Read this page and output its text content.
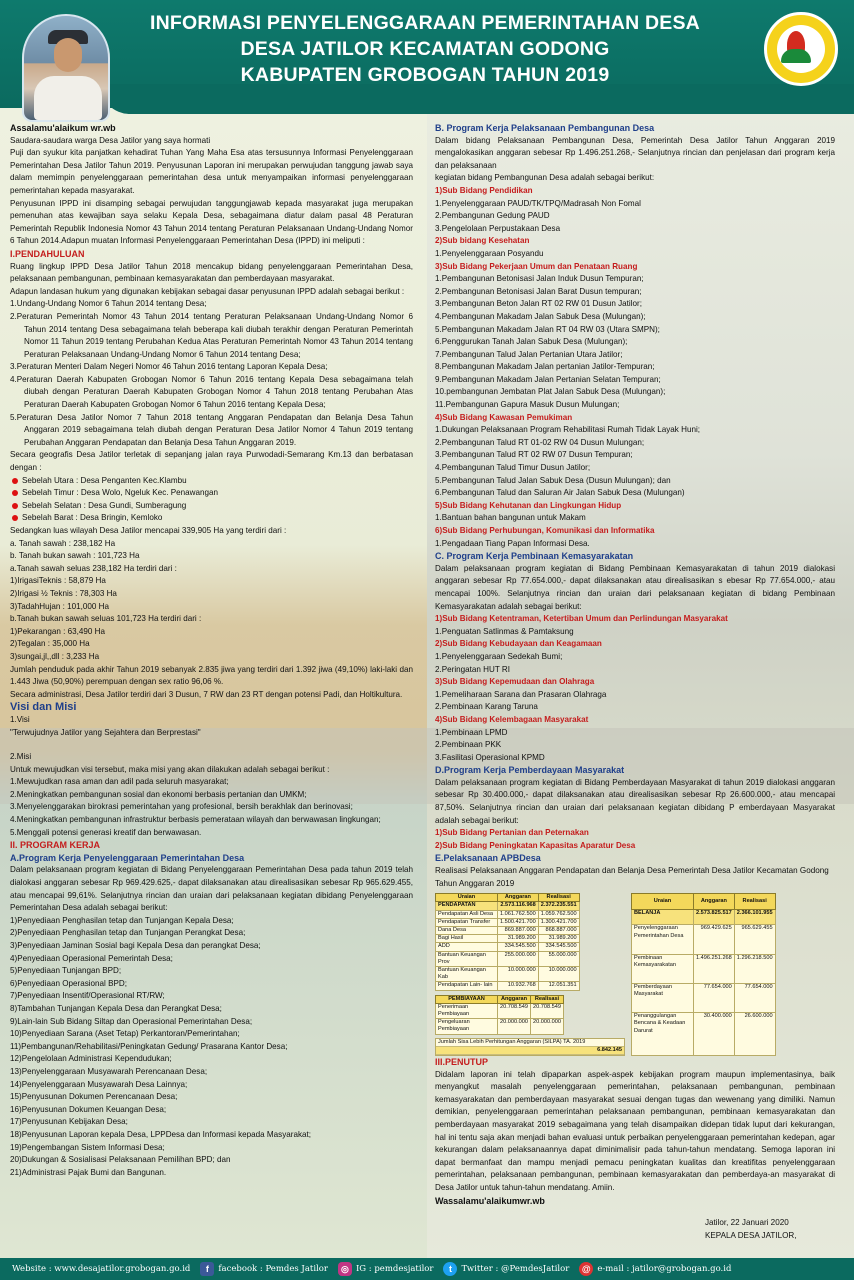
INFORMASI PENYELENGGARAAN PEMERINTAHAN DESA
DESA JATILOR KECAMATAN GODONG
KABUPATEN GROBOGAN TAHUN 2019

Assalamu'alaikum wr.wb

Saudara-saudara warga Desa Jatilor yang saya hormati

Puji dan syukur kita panjatkan kehadirat Tuhan Yang Maha Esa atas tersusunnya Informasi Penyelenggaraan Pemerintahan Desa Jatilor Tahun 2019. Penyusunan Laporan ini merupakan perwujudan tanggung jawab saya dalam memimpin penyelenggaraan pemerintahan desa untuk menyampaikan informasi penyelenggaraan pemerintahan kepada masyarakat.

Penyusunan IPPD ini disamping sebagai perwujudan tanggungjawab kepada masyarakat juga merupakan pemenuhan atas kewajiban saya selaku Kepala Desa, sebagaimana diatur dalam pasal 48 Peraturan Pemerintah Republik Indonesia Nomor 43 Tahun 2014 tentang Peraturan Pelaksanaan Undang-Undang Nomor 6 Tahun 2014.Adapun muatan Informasi Penyelenggaraan Pemerintahan Desa (IPPD) ini meliputi :

I.PENDAHULUAN

Ruang lingkup IPPD Desa Jatilor Tahun 2018 mencakup bidang penyelenggaraan Pemerintahan Desa, pelaksanaan pembangunan, pembinaan kemasyarakatan dan pemberdayaan masyarakat.

Adapun landasan hukum yang digunakan kebijakan sebagai dasar penyusunan IPPD adalah sebagai berikut :

1.Undang-Undang Nomor 6 Tahun 2014 tentang Desa;

2.Peraturan Pemerintah Nomor 43 Tahun 2014 tentang Peraturan Pelaksanaan Undang-Undang Nomor 6 Tahun 2014 tentang Desa sebagaimana telah beberapa kali diubah terakhir dengan Peraturan Pemerintah Nomor 11 Tahun 2019 tentang Perubahan Kedua Atas Peraturan Pemerintah Nomor 43 Tahun 2014 tentang Peraturan Pelaksanaan Undang-Undang Nomor 6 Tahun 2014 tentang Desa;

3.Peraturan Menteri Dalam Negeri Nomor 46 Tahun 2016 tentang Laporan Kepala Desa;

4.Peraturan Daerah Kabupaten Grobogan Nomor 6 Tahun 2016 tentang Kepala Desa sebagaimana telah diubah dengan Peraturan Daerah Kabupaten Grobogan Nomor 4 Tahun 2018 tentang Perubahan Atas Peraturan Daerah Kabupaten Grobogan Nomor 6 Tahun 2016 tentang Kepala Desa;

5.Peraturan Desa Jatilor Nomor 7 Tahun 2018 tentang Anggaran Pendapatan dan Belanja Desa Tahun Anggaran 2019 sebagaimana telah diubah dengan Peraturan Desa Jatilor Nomor 4 Tahun 2019 tentang Perubahan Anggaran Pendapatan dan Belanja Desa Tahun Anggaran 2019.

Secara geografis Desa Jatilor terletak di sepanjang jalan raya Purwodadi-Semarang Km.13 dan berbatasan dengan :

Sebelah Utara : Desa Penganten Kec.Klambu

Sebelah Timur : Desa Wolo, Ngeluk Kec. Penawangan

Sebelah Selatan : Desa Gundi, Sumberagung

Sebelah Barat : Desa Bringin, Kemloko

Sedangkan luas wilayah Desa Jatilor mencapai 339,905 Ha yang terdiri dari :

a. Tanah sawah : 238,182 Ha

b. Tanah bukan sawah : 101,723 Ha

a.Tanah sawah seluas 238,182 Ha terdiri dari :

1)IrigasiTeknis : 58,879 Ha

2)Irigasi ½ Teknis : 78,303 Ha

3)TadahHujan : 101,000 Ha

b.Tanah bukan sawah seluas 101,723 Ha terdiri dari :

1)Pekarangan : 63,490 Ha

2)Tegalan : 35,000 Ha

3)sungai,jl,,dll : 3,233 Ha

Jumlah penduduk pada akhir Tahun 2019 sebanyak 2.835 jiwa yang terdiri dari 1.392 jiwa (49,10%) laki-laki dan 1.443 Jiwa (50,90%) perempuan dengan sex ratio 96,06 %.

Secara administrasi, Desa Jatilor terdiri dari 3 Dusun, 7 RW dan 23 RT dengan potensi Padi, dan Holtikultura.

Visi dan Misi

1.Visi

"Terwujudnya Jatilor yang Sejahtera dan Berprestasi"

2.Misi

Untuk mewujudkan visi tersebut, maka misi yang akan dilakukan adalah sebagai berikut :

1.Mewujudkan rasa aman dan adil pada seluruh masyarakat;

2.Meningkatkan pembangunan sosial dan ekonomi berbasis pertanian dan UMKM;

3.Menyelenggarakan birokrasi pemerintahan yang profesional, bersih berakhlak dan berinovasi;

4.Meningkatkan pembangunan infrastruktur berbasis pemerataan wilayah dan berwawasan lingkungan;

5.Menggali potensi generasi kreatif dan berwawasan.

II. PROGRAM KERJA

A.Program Kerja Penyelenggaraan Pemerintahan Desa

Dalam pelaksanaan program kegiatan di Bidang Penyelenggaraan Pemerintahan Desa pada tahun 2019 telah dialokasi anggaran sebesar Rp 969.429.625,- dapat dilaksanakan atau direalisasikan sebesar Rp 965.629.455, atau mencapai 99,61%. Selanjutnya rincian dan uraian dari pelaksanaan kegiatan dibidang Penyelenggaraan Pemerintahan Desa adalah sebagai berikut:

1)Penyediaan Penghasilan tetap dan Tunjangan Kepala Desa;

2)Penyediaan Penghasilan tetap dan Tunjangan Perangkat Desa;

3)Penyediaan Jaminan Sosial bagi Kepala Desa dan perangkat Desa;

4)Penyediaan Operasional Pemerintah Desa;

5)Penyediaan Tunjangan BPD;

6)Penyediaan Operasional BPD;

7)Penyediaan Insentif/Operasional RT/RW;

8)Tambahan Tunjangan Kepala Desa dan Perangkat Desa;

9)Lain-lain Sub Bidang Siltap dan Operasional Pemerintahan Desa;

10)Penyediaan Sarana (Aset Tetap) Perkantoran/Pemerintahan;

11)Pembangunan/Rehabilitasi/Peningkatan Gedung/ Prasarana Kantor Desa;

12)Pengelolaan Administrasi Kependudukan;

13)Penyelenggaraan Musyawarah Perencanaan Desa;

14)Penyelenggaraan Musyawarah Desa Lainnya;

15)Penyusunan Dokumen Perencanaan Desa;

16)Penyusunan Dokumen Keuangan Desa;

17)Penyusunan Kebijakan Desa;

18)Penyusunan Laporan kepala Desa, LPPDesa dan Informasi kepada Masyarakat;

19)Pengembangan Sistem Informasi Desa;

20)Dukungan & Sosialisasi Pelaksanaan Pemilihan BPD; dan

21)Administrasi Pajak Bumi dan Bangunan.

B. Program Kerja Pelaksanaan Pembangunan Desa

Dalam bidang Pelaksanaan Pembangunan Desa, Pemerintah Desa Jatilor Tahun Anggaran 2019 mengalokasikan anggaran sebesar Rp 1.496.251.268,- Selanjutnya rincian dan penjelasan dari program kerja dan pelaksanaan

kegiatan bidang Pembangunan Desa adalah sebagai berikut:

1)Sub Bidang Pendidikan

1.Penyelenggaraan PAUD/TK/TPQ/Madrasah Non Fomal

2.Pembangunan Gedung PAUD

3.Pengelolaan Perpustakaan Desa

2)Sub bidang Kesehatan

1.Penyelenggaraan Posyandu

3)Sub Bidang Pekerjaan Umum dan Penataan Ruang

1.Pembangunan Betonisasi Jalan Induk Dusun Tempuran;

2.Pembangunan Betonisasi Jalan Barat Dusun tempuran;

3.Pembangunan Beton Jalan RT 02 RW 01 Dusun Jatilor;

4.Pembangunan Makadam Jalan Sabuk Desa (Mulungan);

5.Pembangunan Makadam Jalan RT 04 RW 03 (Utara SMPN);

6.Penggurukan Tanah Jalan Sabuk Desa (Mulungan);

7.Pembangunan Talud Jalan Pertanian Utara Jatilor;

8.Pembangunan Makadam Jalan pertanian Jatilor-Tempuran;

9.Pembangunan Makadam Jalan Pertanian Selatan Tempuran;

10.pembangunan Jembatan Plat Jalan Sabuk Desa (Mulungan);

11.Pembangunan Gapura Masuk Dusun Mulungan;

4)Sub Bidang Kawasan Pemukiman

1.Dukungan Pelaksanaan Program Rehabilitasi Rumah Tidak Layak Huni;

2.Pembangunan Talud RT 01-02 RW 04 Dusun Mulungan;

3.Pembangunan Talud RT 02 RW 07 Dusun Tempuran;

4.Pembangunan Talud Timur Dusun Jatilor;

5.Pembangunan Talud Jalan Sabuk Desa (Dusun Mulungan); dan

6.Pembangunan Talud dan Saluran Air Jalan Sabuk Desa (Mulungan)

5)Sub Bidang Kehutanan dan Lingkungan Hidup

1.Bantuan bahan bangunan untuk Makam

6)Sub Bidang Perhubungan, Komunikasi dan Informatika

1.Pengadaan Tiang Papan Informasi Desa.

C. Program Kerja Pembinaan Kemasyarakatan

Dalam pelaksanaan program kegiatan di Bidang Pembinaan Kemasyarakatan di tahun 2019 dialokasi anggaran sebesar Rp 77.654.000,- dapat dilaksanakan atau direalisasikan s ebesar Rp 77.654.000,- atau mencapai 100%. Selanjutnya rincian dan uraian dari pelaksanaan kegiatan di bidang Pembinaan Kemasyarakatan adalah sebagai berikut:

1)Sub Bidang Ketentraman, Ketertiban Umum dan Perlindungan Masyarakat

1.Penguatan Satlinmas & Pamtaksung

2)Sub Bidang Kebudayaan dan Keagamaan

1.Penyelenggaraan Sedekah Bumi;

2.Peringatan HUT RI

3)Sub Bidang Kepemudaan dan Olahraga

1.Pemeliharaan Sarana dan Prasaran Olahraga

2.Pembinaan Karang Taruna

4)Sub Bidang Kelembagaan Masyarakat

1.Pembinaan LPMD

2.Pembinaan PKK

3.Fasilitasi Operasional KPMD

D.Program Kerja Pemberdayaan Masyarakat

Dalam pelaksanaan program kegiatan di Bidang Pemberdayaan Masyarakat di tahun 2019 dialokasi anggaran sebesar Rp 30.400.000,- dapat dilaksanakan atau direalisasikan sebesar Rp 26.600.000,- atau mencapai 87,50%. Selanjutnya rincian dan uraian dari pelaksanaan kegiatan dibidang P emberdayaan Masyarakat adalah sebagai berikut:

1)Sub Bidang Pertanian dan Peternakan

2)Sub Bidang Peningkatan Kapasitas Aparatur Desa

E.Pelaksanaan APBDesa

Realisasi Pelaksanaan Anggaran Pendapatan dan Belanja Desa Pemerintah Desa Jatilor Kecamatan Godong Tahun Anggaran 2019

Uraian	Anggaran	Realisasi
PENDAPATAN	2.573.116.968	2.372.235.551
Pendapatan Asli Desa	1.061.762.500	1.059.762.500
Pendapatan Transfer	1.500.421.700	1.300.421.700
Dana Desa	869.887.000	868.887.000
Bagi Hasil	31.989.200	31.989.200
ADD	334.545.500	334.545.500
Bantuan Keuangan Prov	255.000.000	55.000.000
Bantuan Keuangan Kab	10.000.000	10.000.000
Pendapatan Lain- lain	10.932.768	12.051.351
PEMBIAYAAN	Anggaran	Realisasi
Penerimaan Pembiayaan	20.708.549	20.708.549
Pengeluaran Pembiayaan	20.000.000	20.000.000
Jumlah Sisa Lebih Perhitungan Anggaran (SILPA) TA. 2019
6.842.145
Uraian	Anggaran	Realisasi
BELANJA	2.573.825.517	2.366.101.955
Penyelenggaraan Pemerintahan Desa	969.429.625	965.629.455
Pembinaan Kemasyarakatan	1.496.251.268	1.296.218.500
Pemberdayaan Masyarakat	77.654.000	77.654.000
Penanggulangan Bencana & Keadaan Darurat	30.400.000	26.600.000

III.PENUTUP

Didalam laporan ini telah dipaparkan aspek-aspek kebijakan program maupun implementasinya, baik menyangkut masalah penyelenggaraan pemerintahan, pelaksanaan pembangunan, pembinaan kemasyarakatan dan pemberdayaan masyarakat sesuai dengan tugas dan wewenang yang dimiliki. Namun demikian, penyelenggaraan pemerintahan pelaksanaan pembangunan, pembinaan kemasyarakatan dan pemberdayaan masyarakat 2019 sebagaimana yang telah disampaikan didepan tidak luput dari kekurangan, hal ini tentu saja akan menjadi bahan evaluasi untuk perbaikan penyelenggaraan pemerintahan kedepan, agar kekurangan dalam pelaksanaannya dapat diminimalisir pada tahun-tahun mendatang. Semoga laporan ini dapat bermanfaat dan mampu menjadi pemacu peningkatan kualitas dan kreatifitas penyelenggaraan pemerintahan, pelaksanaan pembangunan, pembinaan kemasyarakatan dan pemberdaya-an masyarakat di Desa Jatilor untuk tahun-tahun mendatang. Amiin.

Wassalamu'alaikumwr.wb

Jatilor, 22 Januari 2020

KEPALA DESA JATILOR,

Website : www.desajatilor.grobogan.go.id	f	facebook : Pemdes Jatilor	◎ IG : pemdesjatilor	t	Twitter : @PemdesJatilor @ e-mail : jatilor@grobogan.go.id
